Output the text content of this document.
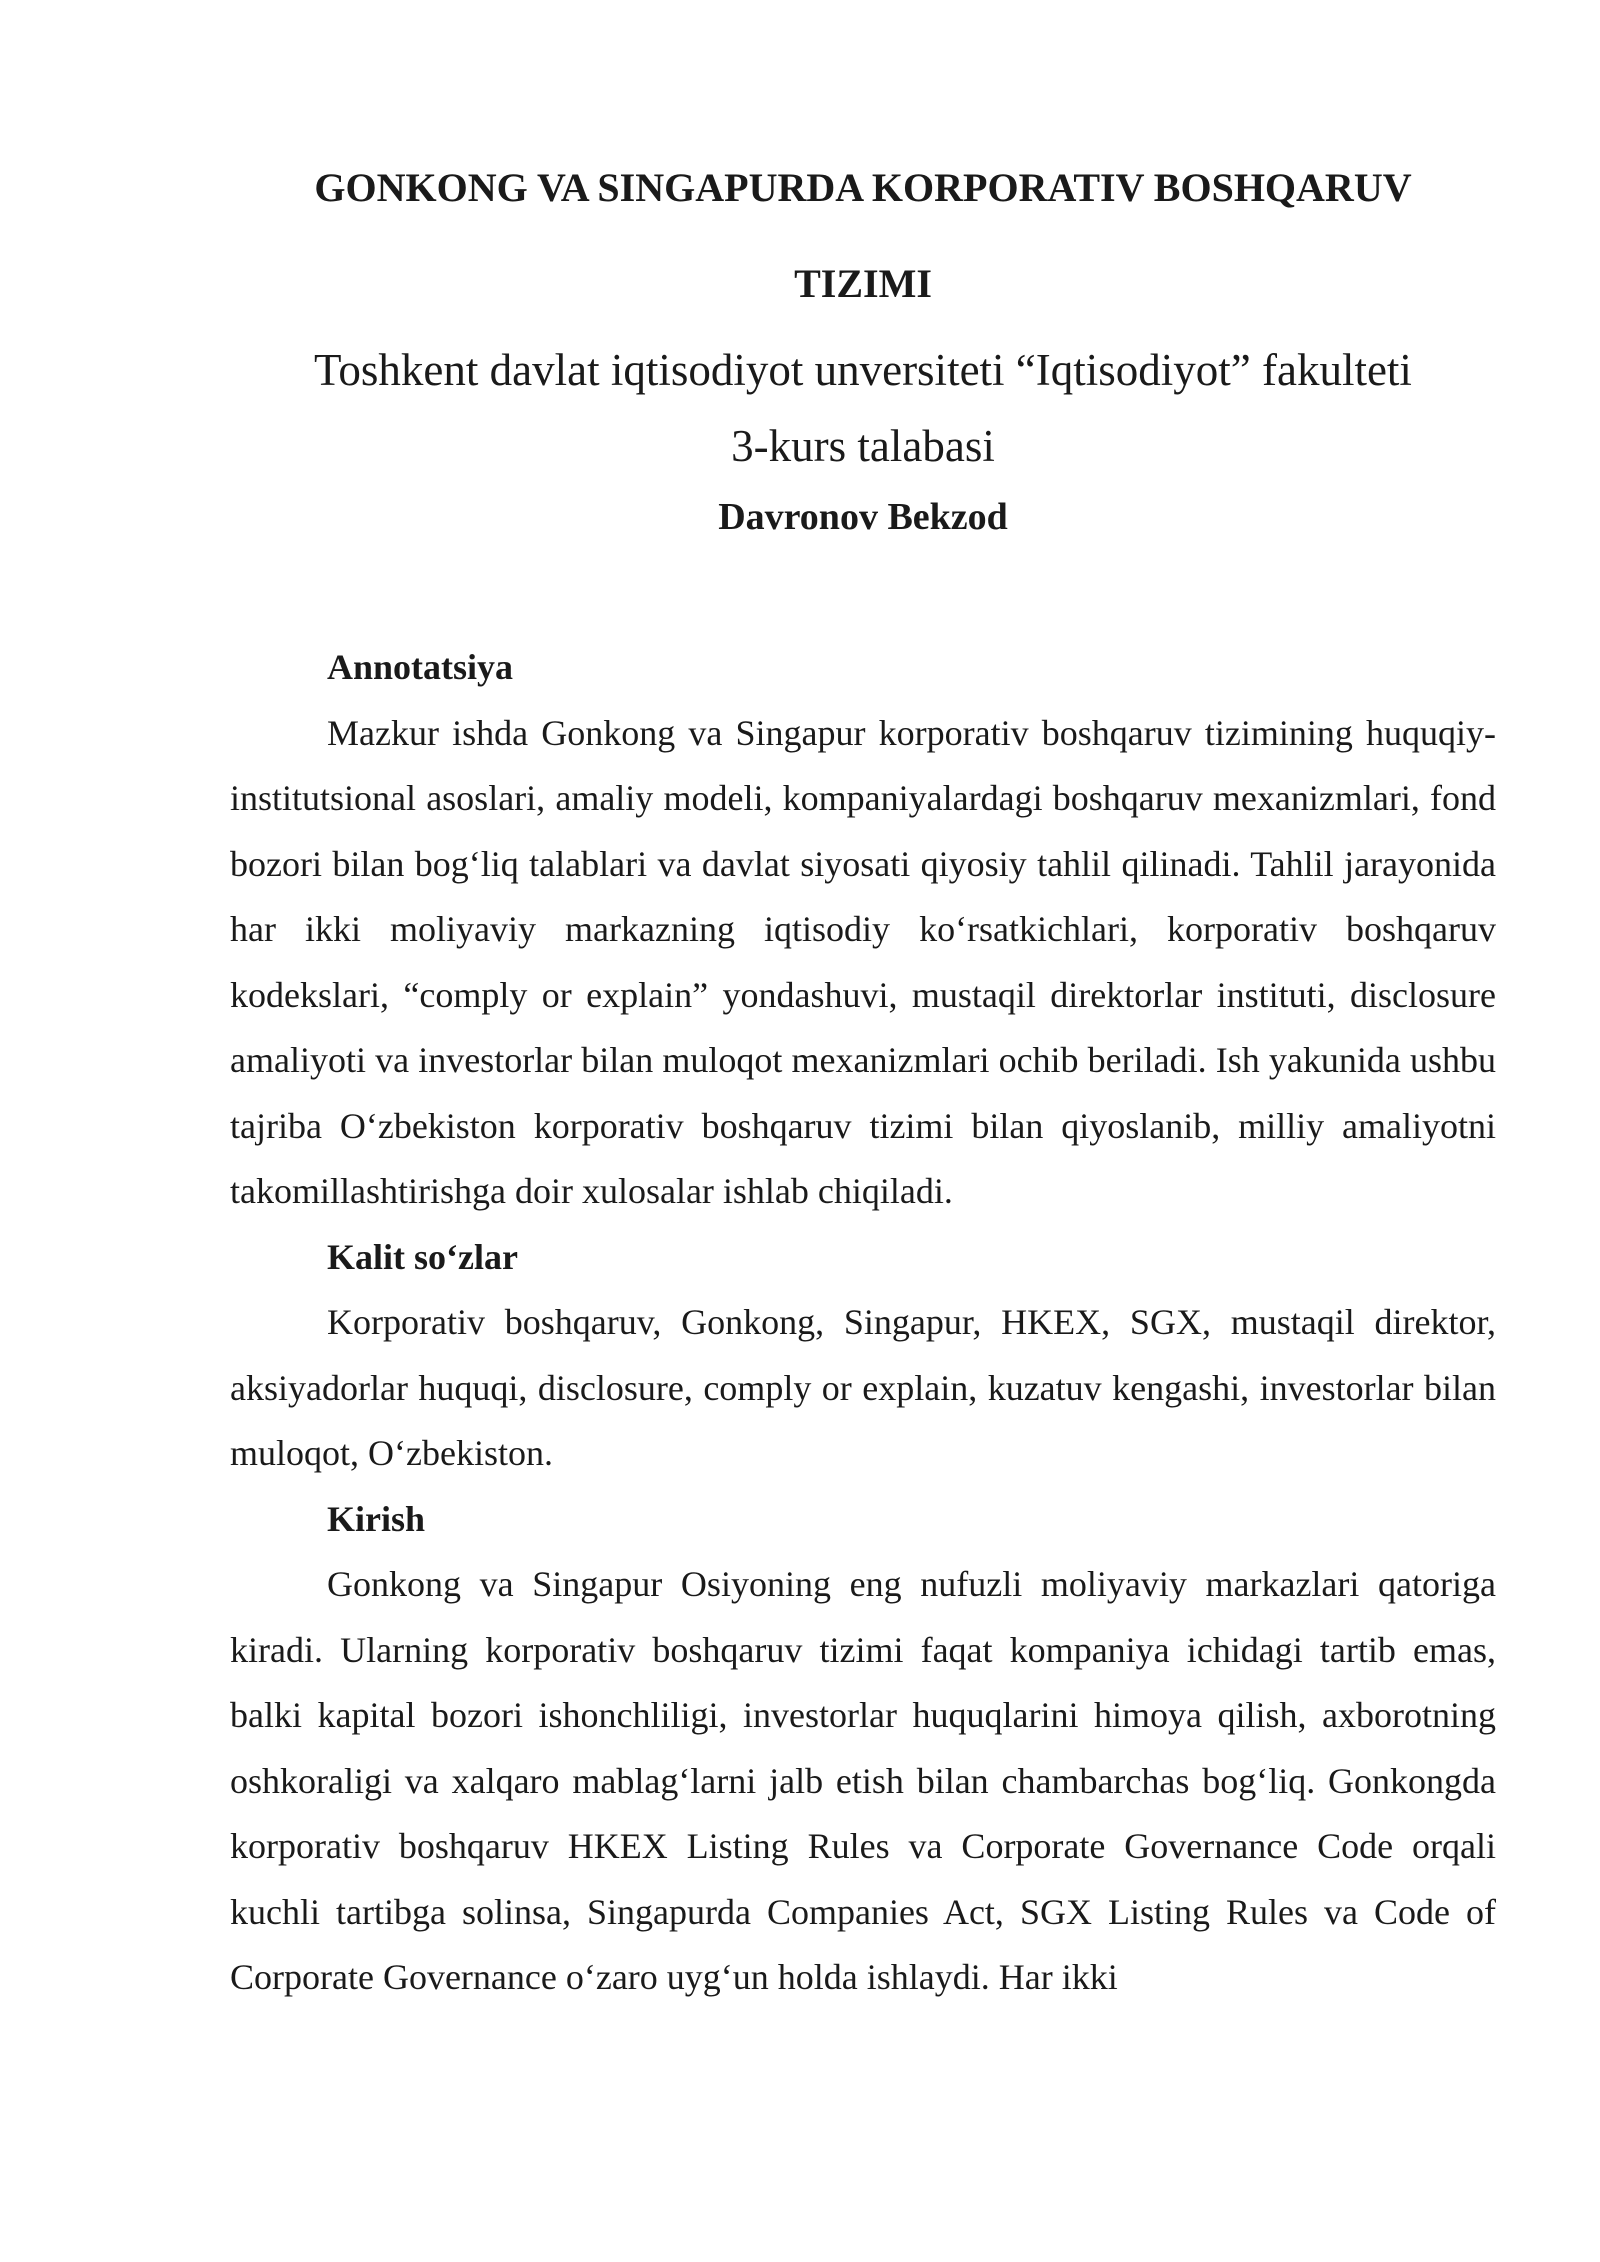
GONKONG VA SINGAPURDA KORPORATIV BOSHQARUV
TIZIMI

Toshkent davlat iqtisodiyot unversiteti “Iqtisodiyot” fakulteti
3-kurs talabasi

Davronov Bekzod

Annotatsiya

Mazkur ishda Gonkong va Singapur korporativ boshqaruv tizimining huquqiy-institutsional asoslari, amaliy modeli, kompaniyalardagi boshqaruv mexanizmlari, fond bozori bilan bog‘liq talablari va davlat siyosati qiyosiy tahlil qilinadi. Tahlil jarayonida har ikki moliyaviy markazning iqtisodiy ko‘rsatkichlari, korporativ boshqaruv kodekslari, “comply or explain” yondashuvi, mustaqil direktorlar instituti, disclosure amaliyoti va investorlar bilan muloqot mexanizmlari ochib beriladi. Ish yakunida ushbu tajriba O‘zbekiston korporativ boshqaruv tizimi bilan qiyoslanib, milliy amaliyotni takomillashtirishga doir xulosalar ishlab chiqiladi.

Kalit so‘zlar

Korporativ boshqaruv, Gonkong, Singapur, HKEX, SGX, mustaqil direktor, aksiyadorlar huquqi, disclosure, comply or explain, kuzatuv kengashi, investorlar bilan muloqot, O‘zbekiston.

Kirish

Gonkong va Singapur Osiyoning eng nufuzli moliyaviy markazlari qatoriga kiradi. Ularning korporativ boshqaruv tizimi faqat kompaniya ichidagi tartib emas, balki kapital bozori ishonchliligi, investorlar huquqlarini himoya qilish, axborotning oshkoraligi va xalqaro mablag‘larni jalb etish bilan chambarchas bog‘liq. Gonkongda korporativ boshqaruv HKEX Listing Rules va Corporate Governance Code orqali kuchli tartibga solinsa, Singapurda Companies Act, SGX Listing Rules va Code of Corporate Governance o‘zaro uyg‘un holda ishlaydi. Har ikki
